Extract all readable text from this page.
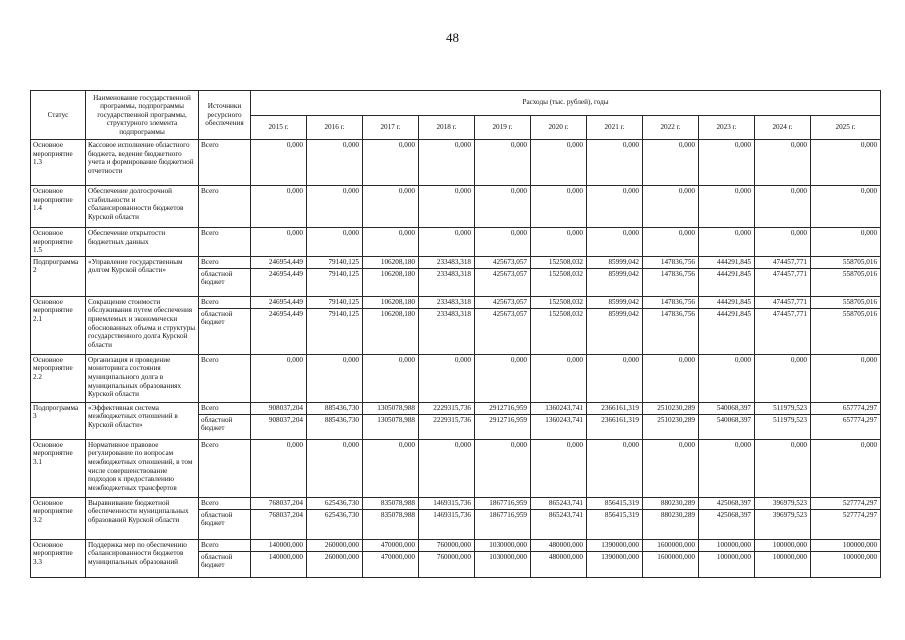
48
Статус	Наименование государственной программы, подпрограммы государственной программы, структурного элемента подпрограммы	Источники ресурсного обеспечения	Расходы (тыс. рублей), годы										
			2015 г.	2016 г.	2017 г.	2018 г.	2019 г.	2020 г.	2021 г.	2022 г.	2023 г.	2024 г.	2025 г.
Основное мероприятие 1.3	Кассовое исполнение областного бюджета, ведение бюджетного учета и формирование бюджетной отчетности	Всего	0,000	0,000	0,000	0,000	0,000	0,000	0,000	0,000	0,000	0,000	0,000
Основное мероприятие 1.4	Обеспечение долгосрочной стабильности и сбалансированности бюджетов Курской области	Всего	0,000	0,000	0,000	0,000	0,000	0,000	0,000	0,000	0,000	0,000	0,000
Основное мероприятие 1.5	Обеспечение открытости бюджетных данных	Всего	0,000	0,000	0,000	0,000	0,000	0,000	0,000	0,000	0,000	0,000	0,000
Подпрограмма 2	«Управление государственным долгом Курской области»	Всего	246954,449	79140,125	106208,180	233483,318	425673,057	152508,032	85999,042	147836,756	444291,845	474457,771	558705,016
		областной бюджет	246954,449	79140,125	106208,180	233483,318	425673,057	152508,032	85999,042	147836,756	444291,845	474457,771	558705,016
Основное мероприятие 2.1	Сокращение стоимости обслуживания путем обеспечения приемлемых и экономически обоснованных объема и структуры государственного долга Курской области	Всего	246954,449	79140,125	106208,180	233483,318	425673,057	152508,032	85999,042	147836,756	444291,845	474457,771	558705,016
		областной бюджет	246954,449	79140,125	106208,180	233483,318	425673,057	152508,032	85999,042	147836,756	444291,845	474457,771	558705,016
Основное мероприятие 2.2	Организация и проведение мониторинга состояния муниципального долга в муниципальных образованиях Курской области	Всего	0,000	0,000	0,000	0,000	0,000	0,000	0,000	0,000	0,000	0,000	0,000
Подпрограмма 3	«Эффективная система межбюджетных отношений в Курской области»	Всего	908037,204	885436,730	1305078,988	2229315,736	2912716,959	1360243,741	2366161,319	2510230,289	540068,397	511979,523	657774,297
		областной бюджет	908037,204	885436,730	1305078,988	2229315,736	2912716,959	1360243,741	2366161,319	2510230,289	540068,397	511979,523	657774,297
Основное мероприятие 3.1	Нормативное правовое регулирование по вопросам межбюджетных отношений, в том числе совершенствование подходов к предоставлению межбюджетных трансфертов	Всего	0,000	0,000	0,000	0,000	0,000	0,000	0,000	0,000	0,000	0,000	0,000
Основное мероприятие 3.2	Выравнивание бюджетной обеспеченности муниципальных образований Курской области	Всего	768037,204	625436,730	835078,988	1469315,736	1867716,959	865243,741	856415,319	880230,289	425068,397	396979,523	527774,297
		областной бюджет	768037,204	625436,730	835078,988	1469315,736	1867716,959	865243,741	856415,319	880230,289	425068,397	396979,523	527774,297
Основное мероприятие 3.3	Поддержка мер по обеспечению сбалансированности бюджетов муниципальных образований	Всего	140000,000	260000,000	470000,000	760000,000	1030000,000	480000,000	1390000,000	1600000,000	100000,000	100000,000	100000,000
		областной бюджет	140000,000	260000,000	470000,000	760000,000	1030000,000	480000,000	1390000,000	1600000,000	100000,000	100000,000	100000,000
